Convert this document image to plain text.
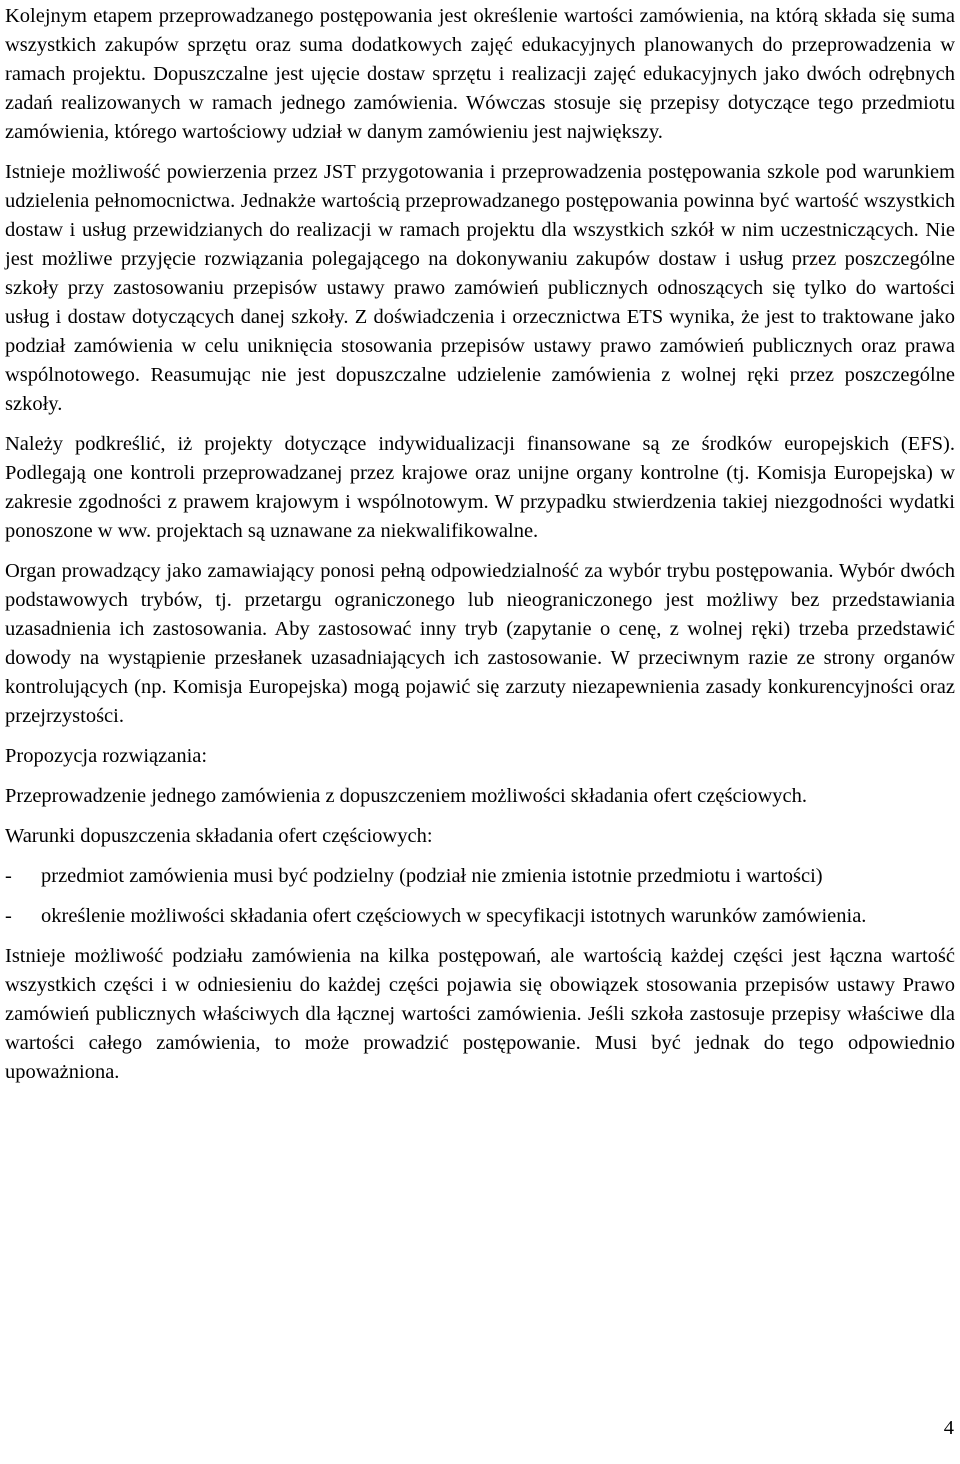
Kolejnym etapem przeprowadzanego postępowania jest określenie wartości zamówienia, na którą składa się suma wszystkich zakupów sprzętu oraz suma dodatkowych zajęć edukacyjnych planowanych do przeprowadzenia w ramach projektu. Dopuszczalne jest ujęcie dostaw sprzętu i realizacji zajęć edukacyjnych jako dwóch odrębnych zadań realizowanych w ramach jednego zamówienia. Wówczas stosuje się przepisy dotyczące tego przedmiotu zamówienia, którego wartościowy udział w danym zamówieniu jest największy.

Istnieje możliwość powierzenia przez JST przygotowania i przeprowadzenia postępowania szkole pod warunkiem udzielenia pełnomocnictwa. Jednakże wartością przeprowadzanego postępowania powinna być wartość wszystkich dostaw i usług przewidzianych do realizacji w ramach projektu dla wszystkich szkół w nim uczestniczących. Nie jest możliwe przyjęcie rozwiązania polegającego na dokonywaniu zakupów dostaw i usług przez poszczególne szkoły przy zastosowaniu przepisów ustawy prawo zamówień publicznych odnoszących się tylko do wartości usług i dostaw dotyczących danej szkoły. Z doświadczenia i orzecznictwa ETS wynika, że jest to traktowane jako podział zamówienia w celu uniknięcia stosowania przepisów ustawy prawo zamówień publicznych oraz prawa wspólnotowego. Reasumując nie jest dopuszczalne udzielenie zamówienia z wolnej ręki przez poszczególne szkoły.

Należy podkreślić, iż projekty dotyczące indywidualizacji finansowane są ze środków europejskich (EFS). Podlegają one kontroli przeprowadzanej przez krajowe oraz unijne organy kontrolne (tj. Komisja Europejska) w zakresie zgodności z prawem krajowym i wspólnotowym. W przypadku stwierdzenia takiej niezgodności wydatki ponoszone w ww. projektach są uznawane za niekwalifikowalne.

Organ prowadzący jako zamawiający ponosi pełną odpowiedzialność za wybór trybu postępowania. Wybór dwóch podstawowych trybów, tj. przetargu ograniczonego lub nieograniczonego jest możliwy bez przedstawiania uzasadnienia ich zastosowania. Aby zastosować inny tryb (zapytanie o cenę, z wolnej ręki) trzeba przedstawić dowody na wystąpienie przesłanek uzasadniających ich zastosowanie. W przeciwnym razie ze strony organów kontrolujących (np. Komisja Europejska) mogą pojawić się zarzuty niezapewnienia zasady konkurencyjności oraz przejrzystości.

Propozycja rozwiązania:

Przeprowadzenie jednego zamówienia z dopuszczeniem możliwości składania ofert częściowych.

Warunki dopuszczenia składania ofert częściowych:

- przedmiot zamówienia musi być podzielny (podział nie zmienia istotnie przedmiotu i wartości)
- określenie możliwości składania ofert częściowych w specyfikacji istotnych warunków zamówienia.

Istnieje możliwość podziału zamówienia na kilka postępowań, ale wartością każdej części jest łączna wartość wszystkich części i w odniesieniu do każdej części pojawia się obowiązek stosowania przepisów ustawy Prawo zamówień publicznych właściwych dla łącznej wartości zamówienia. Jeśli szkoła zastosuje przepisy właściwe dla wartości całego zamówienia, to może prowadzić postępowanie. Musi być jednak do tego odpowiednio upoważniona.

4
